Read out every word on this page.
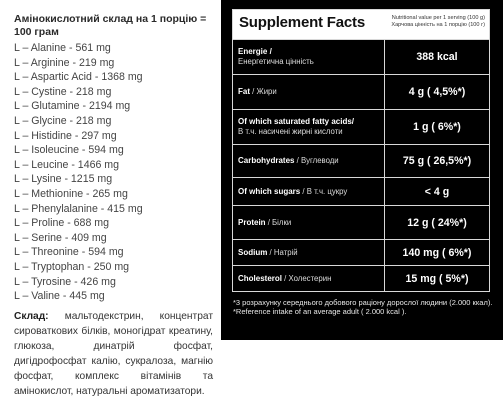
Амінокислотний склад на 1 порцію = 100 грам
L – Alanine - 561 mg
L – Arginine - 219 mg
L – Aspartic Acid - 1368 mg
L – Cystine - 218 mg
L – Glutamine - 2194 mg
L – Glycine - 218 mg
L – Histidine - 297 mg
L – Isoleucine - 594 mg
L – Leucine - 1466 mg
L – Lysine - 1215 mg
L – Methionine - 265 mg
L – Phenylalanine - 415 mg
L – Proline - 688 mg
L – Serine - 409 mg
L – Threonine - 594 mg
L – Tryptophan - 250 mg
L – Tyrosine - 426 mg
L – Valine - 445 mg
Склад: мальтодекстрин, концентрат сироваткових білків, моногідрат креатину, глюкоза, динатрій фосфат, дигідрофосфат калію, сукралоза, магнію фосфат, комплекс вітамінів та амінокислот, натуральні ароматизатори.
Supplement Facts	Nutritional value per 1 serving (100 g)
Харчова цінність на 1 порцію (100 г)
Energie /
Енергетична цінність	388 kcal
Fat / Жири	4 g ( 4,5%*)
Of which saturated fatty acids/
В т.ч. насичені жирні кислоти	1 g ( 6%*)
Carbohydrates / Вуглеводи	75 g ( 26,5%*)
Of which sugars / В т.ч. цукру	< 4 g
Protein / Білки	12 g ( 24%*)
Sodium / Натрій	140 mg ( 6%*)
Cholesterol / Холестерин	15 mg ( 5%*)
*3 розрахунку середнього добового раціону дорослої людини (2.000 ккал).
*Reference intake of an average adult ( 2.000 kcal ).
